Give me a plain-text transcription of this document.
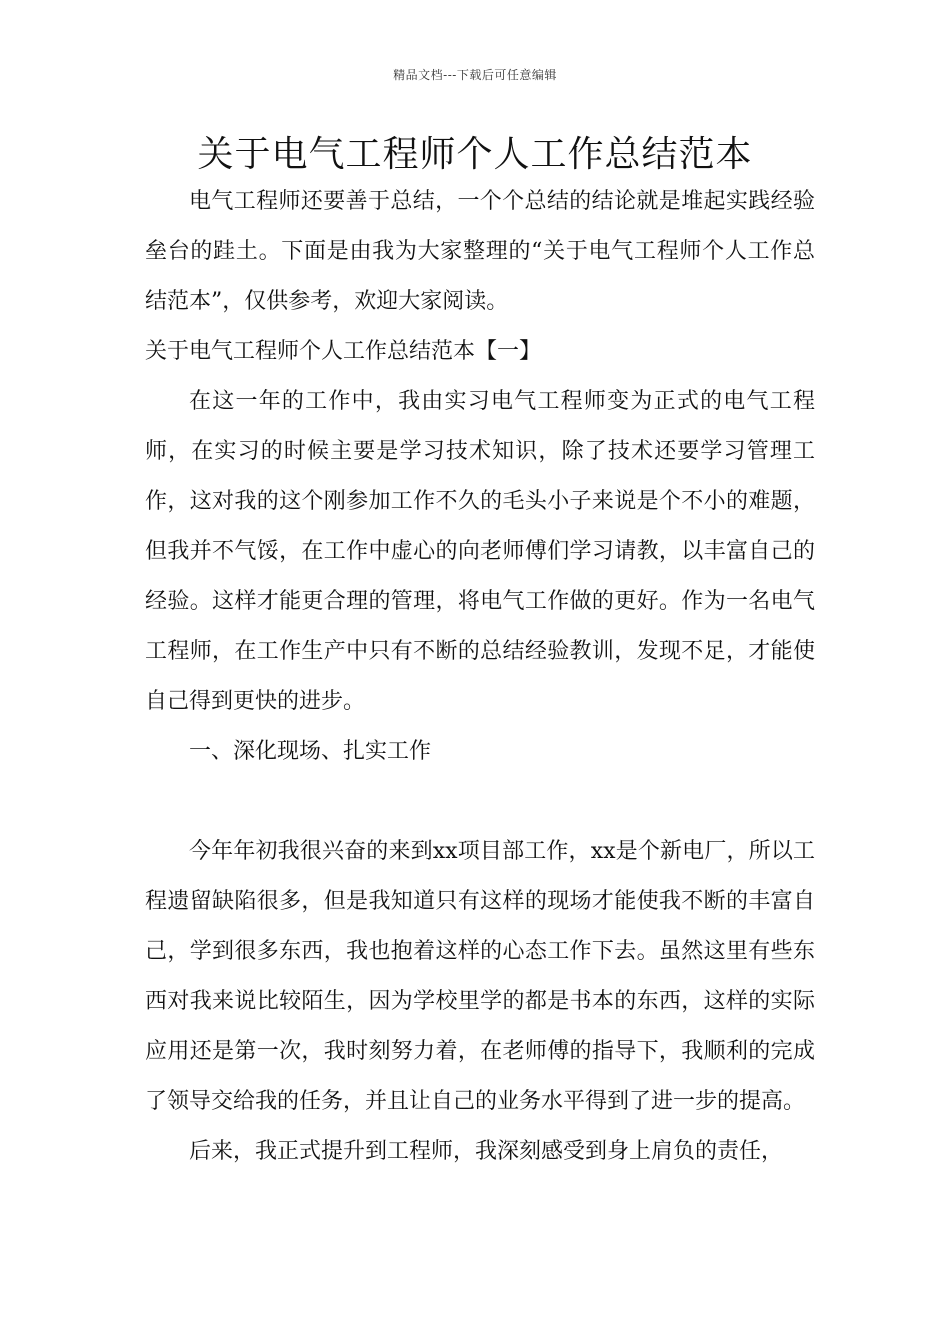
精品文档---下载后可任意编辑
关于电气工程师个人工作总结范本

电气工程师还要善于总结，一个个总结的结论就是堆起实践经验垒台的跬土。下面是由我为大家整理的“关于电气工程师个人工作总结范本”，仅供参考，欢迎大家阅读。

关于电气工程师个人工作总结范本【一】

在这一年的工作中，我由实习电气工程师变为正式的电气工程师，在实习的时候主要是学习技术知识，除了技术还要学习管理工作，这对我的这个刚参加工作不久的毛头小子来说是个不小的难题，但我并不气馁，在工作中虚心的向老师傅们学习请教，以丰富自己的经验。这样才能更合理的管理，将电气工作做的更好。作为一名电气工程师，在工作生产中只有不断的总结经验教训，发现不足，才能使自己得到更快的进步。

一、深化现场、扎实工作

今年年初我很兴奋的来到xx项目部工作，xx是个新电厂，所以工程遗留缺陷很多，但是我知道只有这样的现场才能使我不断的丰富自己，学到很多东西，我也抱着这样的心态工作下去。虽然这里有些东西对我来说比较陌生，因为学校里学的都是书本的东西，这样的实际应用还是第一次，我时刻努力着，在老师傅的指导下，我顺利的完成了领导交给我的任务，并且让自己的业务水平得到了进一步的提高。

后来，我正式提升到工程师，我深刻感受到身上肩负的责任，
